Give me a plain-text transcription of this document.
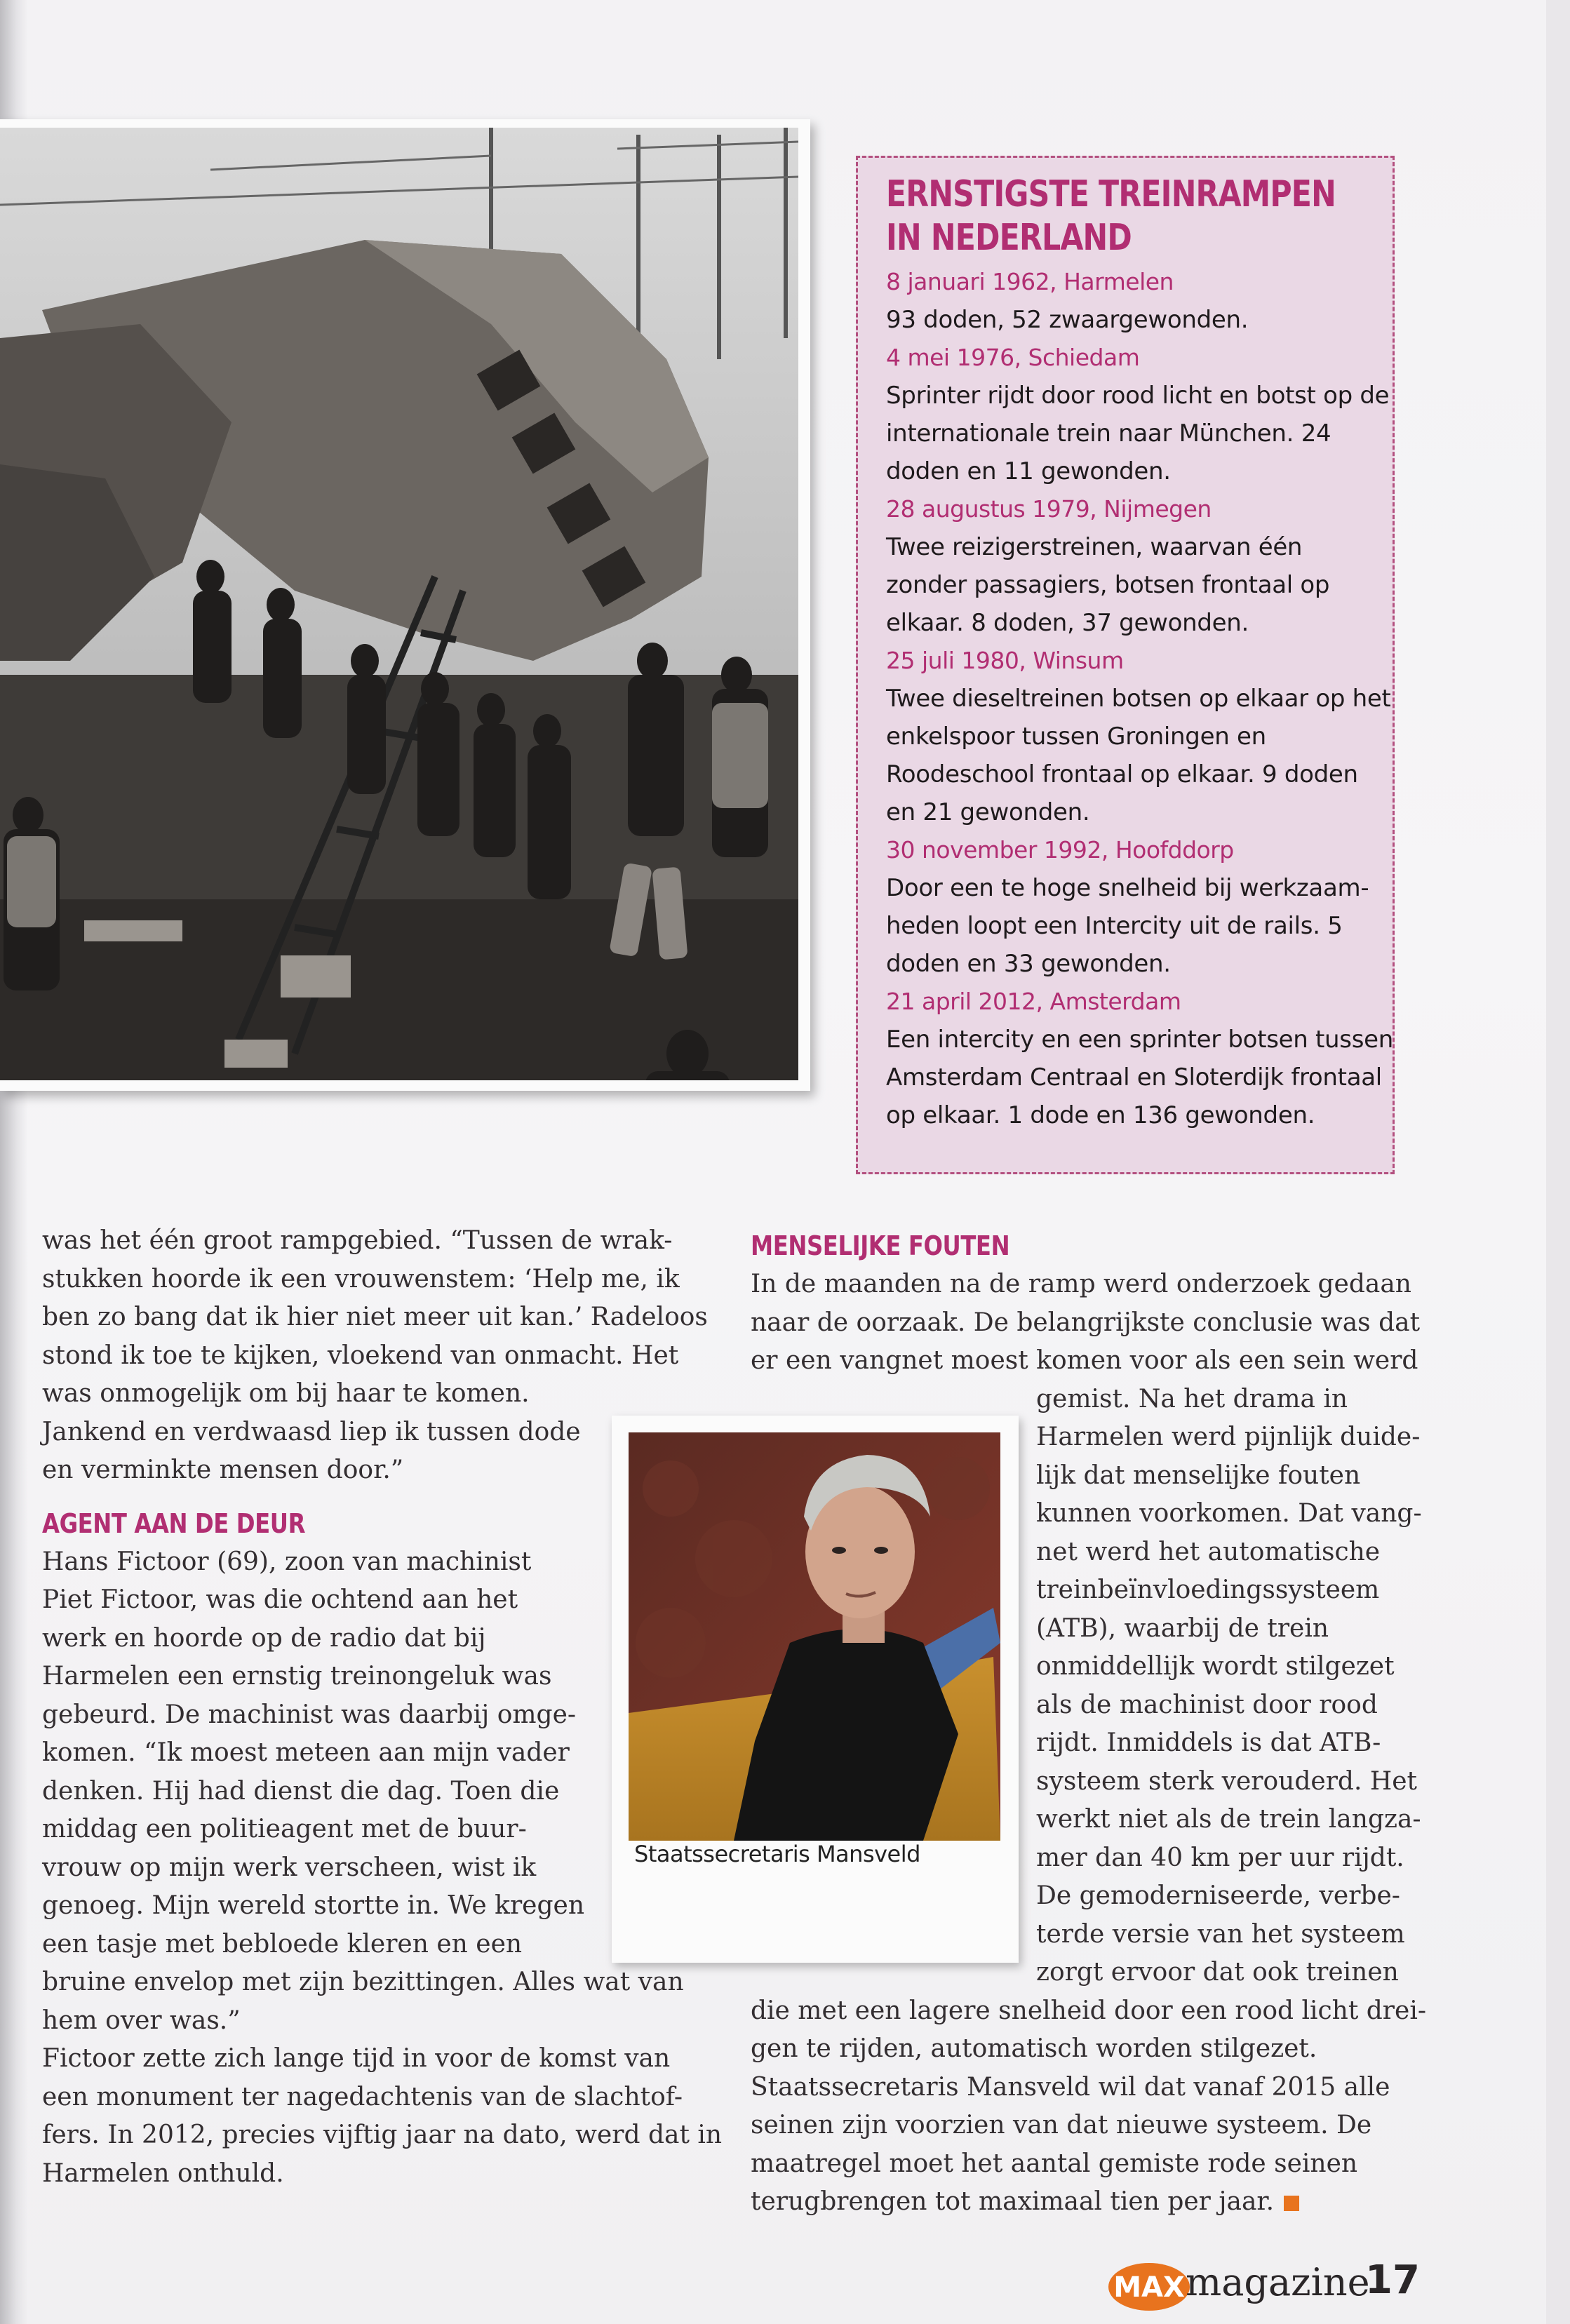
ERNSTIGSTE TREINRAMPEN
IN NEDERLAND
8 januari 1962, Harmelen
93 doden, 52 zwaargewonden.
4 mei 1976, Schiedam
Sprinter rijdt door rood licht en botst op de
internationale trein naar München. 24
doden en 11 gewonden.
28 augustus 1979, Nijmegen
Twee reizigerstreinen, waarvan één
zonder passagiers, botsen frontaal op
elkaar. 8 doden, 37 gewonden.
25 juli 1980, Winsum
Twee dieseltreinen botsen op elkaar op het
enkelspoor tussen Groningen en
Roodeschool frontaal op elkaar. 9 doden
en 21 gewonden.
30 november 1992, Hoofddorp
Door een te hoge snelheid bij werkzaam-
heden loopt een Intercity uit de rails. 5
doden en 33 gewonden.
21 april 2012, Amsterdam
Een intercity en een sprinter botsen tussen
Amsterdam Centraal en Sloterdijk frontaal
op elkaar. 1 dode en 136 gewonden.
was het één groot rampgebied. “Tussen de wrak-
stukken hoorde ik een vrouwenstem: ‘Help me, ik
ben zo bang dat ik hier niet meer uit kan.’ Radeloos
stond ik toe te kijken, vloekend van onmacht. Het
was onmogelijk om bij haar te komen.
Jankend en verdwaasd liep ik tussen dode
en verminkte mensen door.”
AGENT AAN DE DEUR
Hans Fictoor (69), zoon van machinist
Piet Fictoor, was die ochtend aan het
werk en hoorde op de radio dat bij
Harmelen een ernstig treinongeluk was
gebeurd. De machinist was daarbij omge-
komen. “Ik moest meteen aan mijn vader
denken. Hij had dienst die dag. Toen die
middag een politieagent met de buur-
vrouw op mijn werk verscheen, wist ik
genoeg. Mijn wereld stortte in. We kregen
een tasje met bebloede kleren en een
bruine envelop met zijn bezittingen. Alles wat van
hem over was.”
Fictoor zette zich lange tijd in voor de komst van
een monument ter nagedachtenis van de slachtof-
fers. In 2012, precies vijftig jaar na dato, werd dat in
Harmelen onthuld.
MENSELIJKE FOUTEN
In de maanden na de ramp werd onderzoek gedaan
naar de oorzaak. De belangrijkste conclusie was dat
er een vangnet moest komen voor als een sein werd
gemist. Na het drama in
Harmelen werd pijnlijk duide-
lijk dat menselijke fouten
kunnen voorkomen. Dat vang-
net werd het automatische
treinbeïnvloedingssysteem
(ATB), waarbij de trein
onmiddellijk wordt stilgezet
als de machinist door rood
rijdt. Inmiddels is dat ATB-
systeem sterk verouderd. Het
werkt niet als de trein langza-
mer dan 40 km per uur rijdt.
De gemoderniseerde, verbe-
terde versie van het systeem
zorgt ervoor dat ook treinen
die met een lagere snelheid door een rood licht drei-
gen te rijden, automatisch worden stilgezet.
Staatssecretaris Mansveld wil dat vanaf 2015 alle
seinen zijn voorzien van dat nieuwe systeem. De
maatregel moet het aantal gemiste rode seinen
terugbrengen tot maximaal tien per jaar.
Staatssecretaris Mansveld
MAX magazine
17
